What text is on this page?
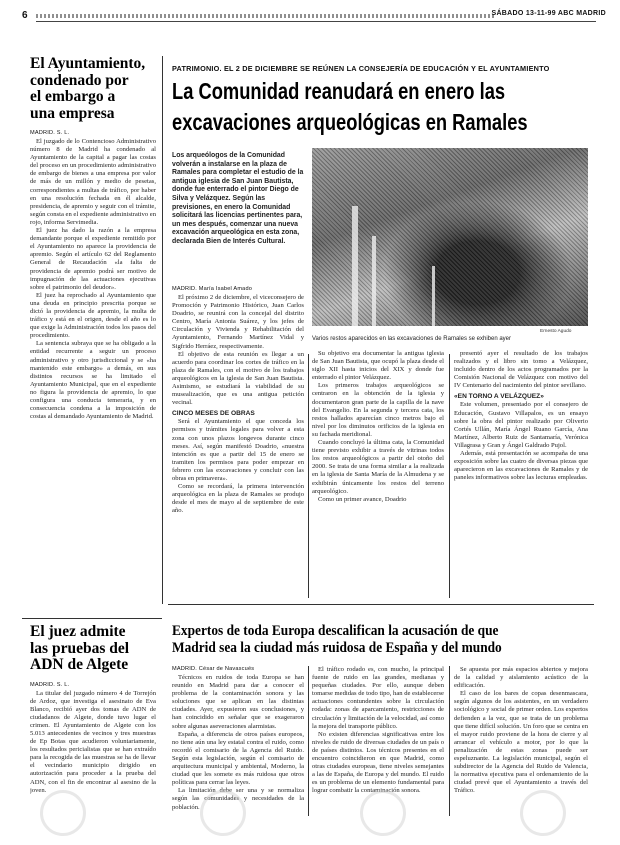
6	SÁBADO 13-11-99 ABC MADRID
El Ayuntamiento,
condenado por
el embargo a
una empresa
MADRID. S. L.

El juzgado de lo Contencioso Administrativo número 8 de Madrid ha condenado al Ayuntamiento de la capital a pagar las costas del proceso en un procedimiento administrativo de embargo de bienes a una empresa por valor de más de un millón y medio de pesetas, correspondientes a multas de tráfico, por haber en una resolución fechada en él alcalde, presidencia, de apremio y seguir con el trámite, según consta en el expediente administrativo en rojo, informa Servimedia.

El juez ha dado la razón a la empresa demandante porque el expediente remitido por el Ayuntamiento no aparece la providencia de apremio. Según el artículo 62 del Reglamento General de Recaudación «la falta de providencia de apremio podrá ser motivo de impugnación de las actuaciones ejecutivas sobre el patrimonio del deudor».

El juez ha reprochado al Ayuntamiento que una deuda en principio prescrita porque se dictó la providencia de apremio, la multa de tráfico y está en el origen, desde el año es lo que exige la Administración todos los pasos del procedimiento.

La sentencia subraya que se ha obligado a la entidad recurrente a seguir un proceso administrativo y otro jurisdiccional y se «ha mantenido este embargo» a demás, en sus distintos recursos se ha limitado el Ayuntamiento Municipal, que en el expediente no figura la providencia de apremio, lo que configura una conducta temeraria, y en consecuencia condena a la imposición de costas al demandado Ayuntamiento de Madrid.

El juez admite
las pruebas del
ADN de Algete
MADRID. S. L.

La titular del juzgado número 4 de Torrejón de Ardoz, que investiga el asesinato de Eva Blanco, recibió ayer dos tomas de ADN de ciudadanos de Algete, donde tuvo lugar el crimen. El Ayuntamiento de Algete con los 5.013 antecedentes de vecinos y tres muestras de Ep Botas que acudieron voluntariamente, los resultados pericialistas que se han extraído para la recogida de las muestras se ha de llevar el vecindario municipio dirigido en autorización para proceder a la prueba del ADN, con el fin de encontrar al asesino de la joven.

PATRIMONIO. EL 2 DE DICIEMBRE SE REÚNEN LA CONSEJERÍA DE EDUCACIÓN Y EL AYUNTAMIENTO
La Comunidad reanudará en enero las
excavaciones arqueológicas en Ramales

Los arqueólogos de la Comunidad volverán a instalarse en la plaza de Ramales para completar el estudio de la antigua iglesia de San Juan Bautista, donde fue enterrado el pintor Diego de Silva y Velázquez. Según las previsiones, en enero la Comunidad solicitará las licencias pertinentes para, un mes después, comenzar una nueva excavación arqueológica en esta zona, declarada Bien de Interés Cultural.

Ernesto Agudo
Varios restos aparecidos en las excavaciones de Ramales se exhiben ayer
MADRID. María Isabel Amado

El próximo 2 de diciembre, el viceconsejero de Promoción y Patrimonio Histórico, Juan Carlos Doadrio, se reunirá con la concejal del distrito Centro, María Antonia Suárez, y los jefes de Circulación y Vivienda y Rehabilitación del Ayuntamiento, Fernando Martínez Vidal y Sigfrido Herráez, respectivamente.

El objetivo de esta reunión es llegar a un acuerdo para coordinar los cortes de tráfico en la plaza de Ramales, con el motivo de los trabajos arqueológicos en la iglesia de San Juan Bautista. Asimismo, se estudiará la viabilidad de su musealización, que es una antigua petición vecinal.

CINCO MESES DE OBRAS

Será el Ayuntamiento el que conceda los permisos y trámites legales para volver a esta zona con unos plazos longevos durante cinco meses. Así, según manifestó Doadrio, «nuestra intención es que a partir del 15 de enero se tramiten los permisos para poder empezar en febrero con las excavaciones y concluir con las obras en primavera».

Como se recordará, la primera intervención arqueológica en la plaza de Ramales se produjo desde el mes de mayo al de septiembre de este año.

Su objetivo era documentar la antigua iglesia de San Juan Bautista, que ocupó la plaza desde el siglo XII hasta inicios del XIX y donde fue enterrado el pintor Velázquez.

Los primeros trabajos arqueológicos se centraron en la obtención de la iglesia y documentaron gran parte de la capilla de la nave del Evangelio. En la segunda y tercera cata, los restos hallados aparecían cinco metros bajo el nivel por los diminutos orificios de la iglesia en su fachada meridional.

Cuando concluyó la última cata, la Comunidad tiene previsto exhibir a través de vitrinas todos los restos arqueológicos a partir del otoño del 2000. Se trata de una forma similar a la realizada en la iglesia de Santa María de la Almudena y se exhibirán únicamente los restos del terreno arqueológico.

Como un primer avance, Doadrio

presentó ayer el resultado de los trabajos realizados y el libro sin tomo a Velázquez, incluido dentro de los actos programados por la Comisión Nacional de Velázquez con motivo del IV Centenario del nacimiento del pintor sevillano.

«EN TORNO A VELÁZQUEZ»

Este volumen, presentado por el consejero de Educación, Gustavo Villapalos, es un ensayo sobre la obra del pintor realizado por Oliverio Cortés Ullán, María Ángel Ruano García, Ana Martínez, Alberto Ruiz de Santamaría, Verónica Villagrasa y Gran y Ángel Galdrado Pujol.

Además, está presentación se acompaña de una exposición sobre las cuatro de diversas piezas que aparecieron en las excavaciones de Ramales y de paneles informativos sobre las lecturas empleadas.

Expertos de toda Europa descalifican la acusación de que
Madrid sea la ciudad más ruidosa de España y del mundo
MADRID. César de Navascués

Técnicos en ruidos de toda Europa se han reunido en Madrid para dar a conocer el problema de la contaminación sonora y las soluciones que se aplican en las distintas ciudades. Ayer, expusieron sus conclusiones, y han coincidido en señalar que se exageraron sobre algunas aseveraciones alarmistas.

España, a diferencia de otros países europeos, no tiene aún una ley estatal contra el ruido, como recordó el comisario de la Agencia del Ruido. Según esta legislación, según el comisario de arquitectura municipal y ambiental, Moderno, la ciudad que les somete es más ruidosa que otros políticas para cerrar las leyes.

La limitación debe ser una y se normaliza según las comunidades y necesidades de la población.

El tráfico rodado es, con mucho, la principal fuente de ruido en las grandes, medianas y pequeñas ciudades. Por ello, aunque deben tomarse medidas de todo tipo, han de establecerse actuaciones contundentes sobre la circulación rodada: zonas de aparcamiento, restricciones de circulación y limitación de la velocidad, así como la mejora del transporte público.

No existen diferencias significativas entre los niveles de ruido de diversas ciudades de un país o de países distintos. Los técnicos presentes en el encuentro coincidieron en que Madrid, como otras ciudades europeas, tiene niveles semejantes a las de España, de Europa y del mundo. El ruido es un problema de un elemento fundamental para lograr combatir la contaminación sonora.

Se apuesta por más espacios abiertos y mejora de la calidad y aislamiento acústico de la edificación.

El caso de los bares de copas desenmascara, según algunos de los asistentes, en un verdadero sociológico y social de primer orden. Los expertos defienden a la vez, que se trata de un problema que tiene difícil solución. Un foro que se centra en el mayor ruido proviene de la hora de cierre y al arrancar el vehículo a motor, por lo que la penalización de estas zonas puede ser espeluznante. La legislación municipal, según el subdirector de la Agencia del Ruido de Valencia, la normativa ejecutiva para el ordenamiento de la ciudad prevé que el Ayuntamiento a través del Tráfico.
